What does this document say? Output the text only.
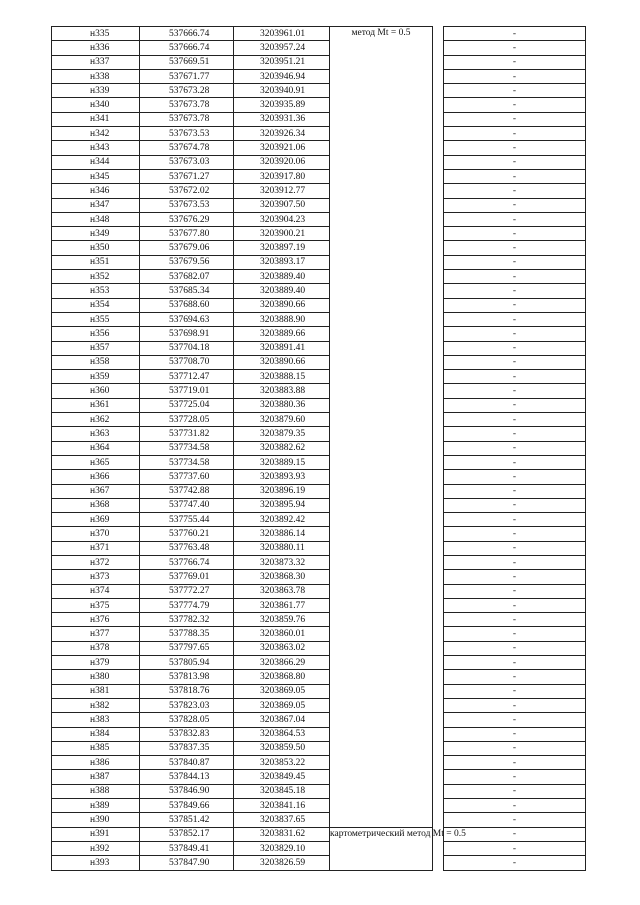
н335	537666.74	3203961.01	метод Mt = 0.5		-
н336	537666.74	3203957.24			-
н337	537669.51	3203951.21			-
н338	537671.77	3203946.94			-
н339	537673.28	3203940.91			-
н340	537673.78	3203935.89			-
н341	537673.78	3203931.36			-
н342	537673.53	3203926.34			-
н343	537674.78	3203921.06			-
н344	537673.03	3203920.06			-
н345	537671.27	3203917.80			-
н346	537672.02	3203912.77			-
н347	537673.53	3203907.50			-
н348	537676.29	3203904.23			-
н349	537677.80	3203900.21			-
н350	537679.06	3203897.19			-
н351	537679.56	3203893.17			-
н352	537682.07	3203889.40			-
н353	537685.34	3203889.40			-
н354	537688.60	3203890.66			-
н355	537694.63	3203888.90			-
н356	537698.91	3203889.66			-
н357	537704.18	3203891.41			-
н358	537708.70	3203890.66			-
н359	537712.47	3203888.15			-
н360	537719.01	3203883.88			-
н361	537725.04	3203880.36			-
н362	537728.05	3203879.60			-
н363	537731.82	3203879.35			-
н364	537734.58	3203882.62			-
н365	537734.58	3203889.15			-
н366	537737.60	3203893.93			-
н367	537742.88	3203896.19			-
н368	537747.40	3203895.94			-
н369	537755.44	3203892.42			-
н370	537760.21	3203886.14			-
н371	537763.48	3203880.11			-
н372	537766.74	3203873.32			-
н373	537769.01	3203868.30			-
н374	537772.27	3203863.78			-
н375	537774.79	3203861.77			-
н376	537782.32	3203859.76			-
н377	537788.35	3203860.01			-
н378	537797.65	3203863.02			-
н379	537805.94	3203866.29			-
н380	537813.98	3203868.80			-
н381	537818.76	3203869.05			-
н382	537823.03	3203869.05			-
н383	537828.05	3203867.04			-
н384	537832.83	3203864.53			-
н385	537837.35	3203859.50			-
н386	537840.87	3203853.22			-
н387	537844.13	3203849.45			-
н388	537846.90	3203845.18			-
н389	537849.66	3203841.16			-
н390	537851.42	3203837.65			-
н391	537852.17	3203831.62	картометрический метод Mt = 0.5		-
н392	537849.41	3203829.10			-
н393	537847.90	3203826.59			-
